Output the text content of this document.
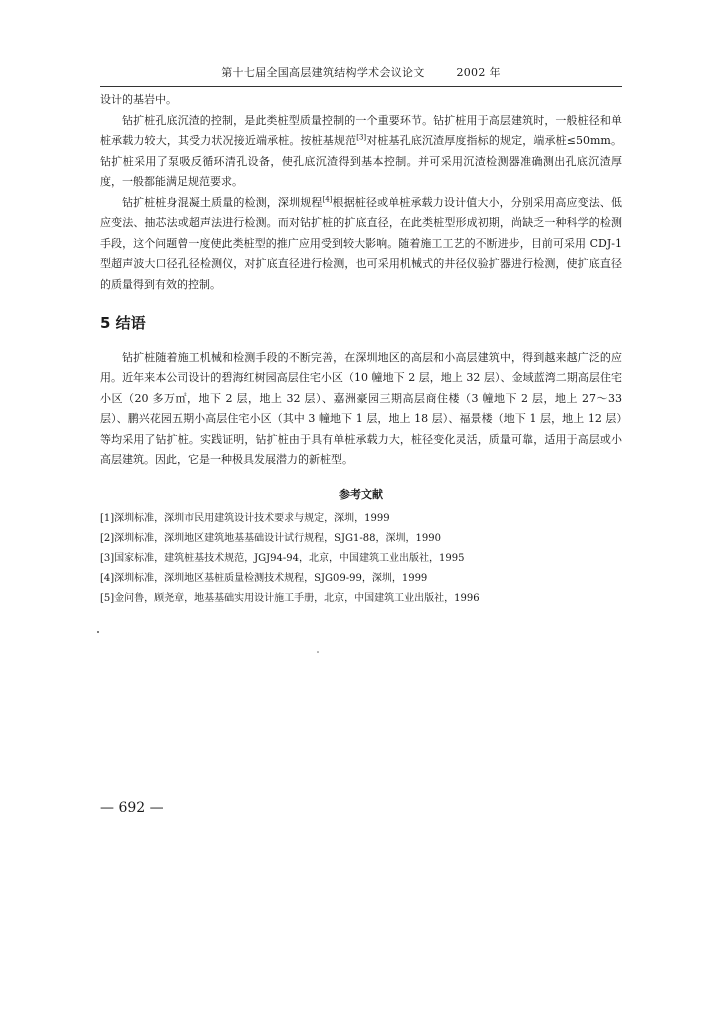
第十七届全国高层建筑结构学术会议论文	2002 年

设计的基岩中。

钻扩桩孔底沉渣的控制，是此类桩型质量控制的一个重要环节。钻扩桩用于高层建筑时，一般桩径和单桩承载力较大，其受力状况接近端承桩。按桩基规范[3]对桩基孔底沉渣厚度指标的规定，端承桩≤50mm。钻扩桩采用了泵吸反循环清孔设备，使孔底沉渣得到基本控制。并可采用沉渣检测器准确测出孔底沉渣厚度，一般都能满足规范要求。

钻扩桩桩身混凝土质量的检测，深圳规程[4]根据桩径或单桩承载力设计值大小，分别采用高应变法、低应变法、抽芯法或超声法进行检测。而对钻扩桩的扩底直径，在此类桩型形成初期，尚缺乏一种科学的检测手段，这个问题曾一度使此类桩型的推广应用受到较大影响。随着施工工艺的不断进步，目前可采用 CDJ-1 型超声波大口径孔径检测仪，对扩底直径进行检测，也可采用机械式的井径仪验扩器进行检测，使扩底直径的质量得到有效的控制。

5 结语

钻扩桩随着施工机械和检测手段的不断完善，在深圳地区的高层和小高层建筑中，得到越来越广泛的应用。近年来本公司设计的碧海红树园高层住宅小区（10 幢地下 2 层，地上 32 层）、金域蓝湾二期高层住宅小区（20 多万㎡，地下 2 层，地上 32 层）、嘉洲豪园三期高层商住楼（3 幢地下 2 层，地上 27～33 层）、鹏兴花园五期小高层住宅小区（其中 3 幢地下 1 层，地上 18 层）、福景楼（地下 1 层，地上 12 层）等均采用了钻扩桩。实践证明，钻扩桩由于具有单桩承载力大，桩径变化灵活，质量可靠，适用于高层或小高层建筑。因此，它是一种极具发展潜力的新桩型。

参考文献

[1]深圳标准，深圳市民用建筑设计技术要求与规定，深圳，1999

[2]深圳标准，深圳地区建筑地基基础设计试行规程，SJG1-88，深圳，1990

[3]国家标准，建筑桩基技术规范，JGJ94-94，北京，中国建筑工业出版社，1995

[4]深圳标准，深圳地区基桩质量检测技术规程，SJG09-99，深圳，1999

[5]金问鲁，顾尧章，地基基础实用设计施工手册，北京，中国建筑工业出版社，1996

— 692 —
